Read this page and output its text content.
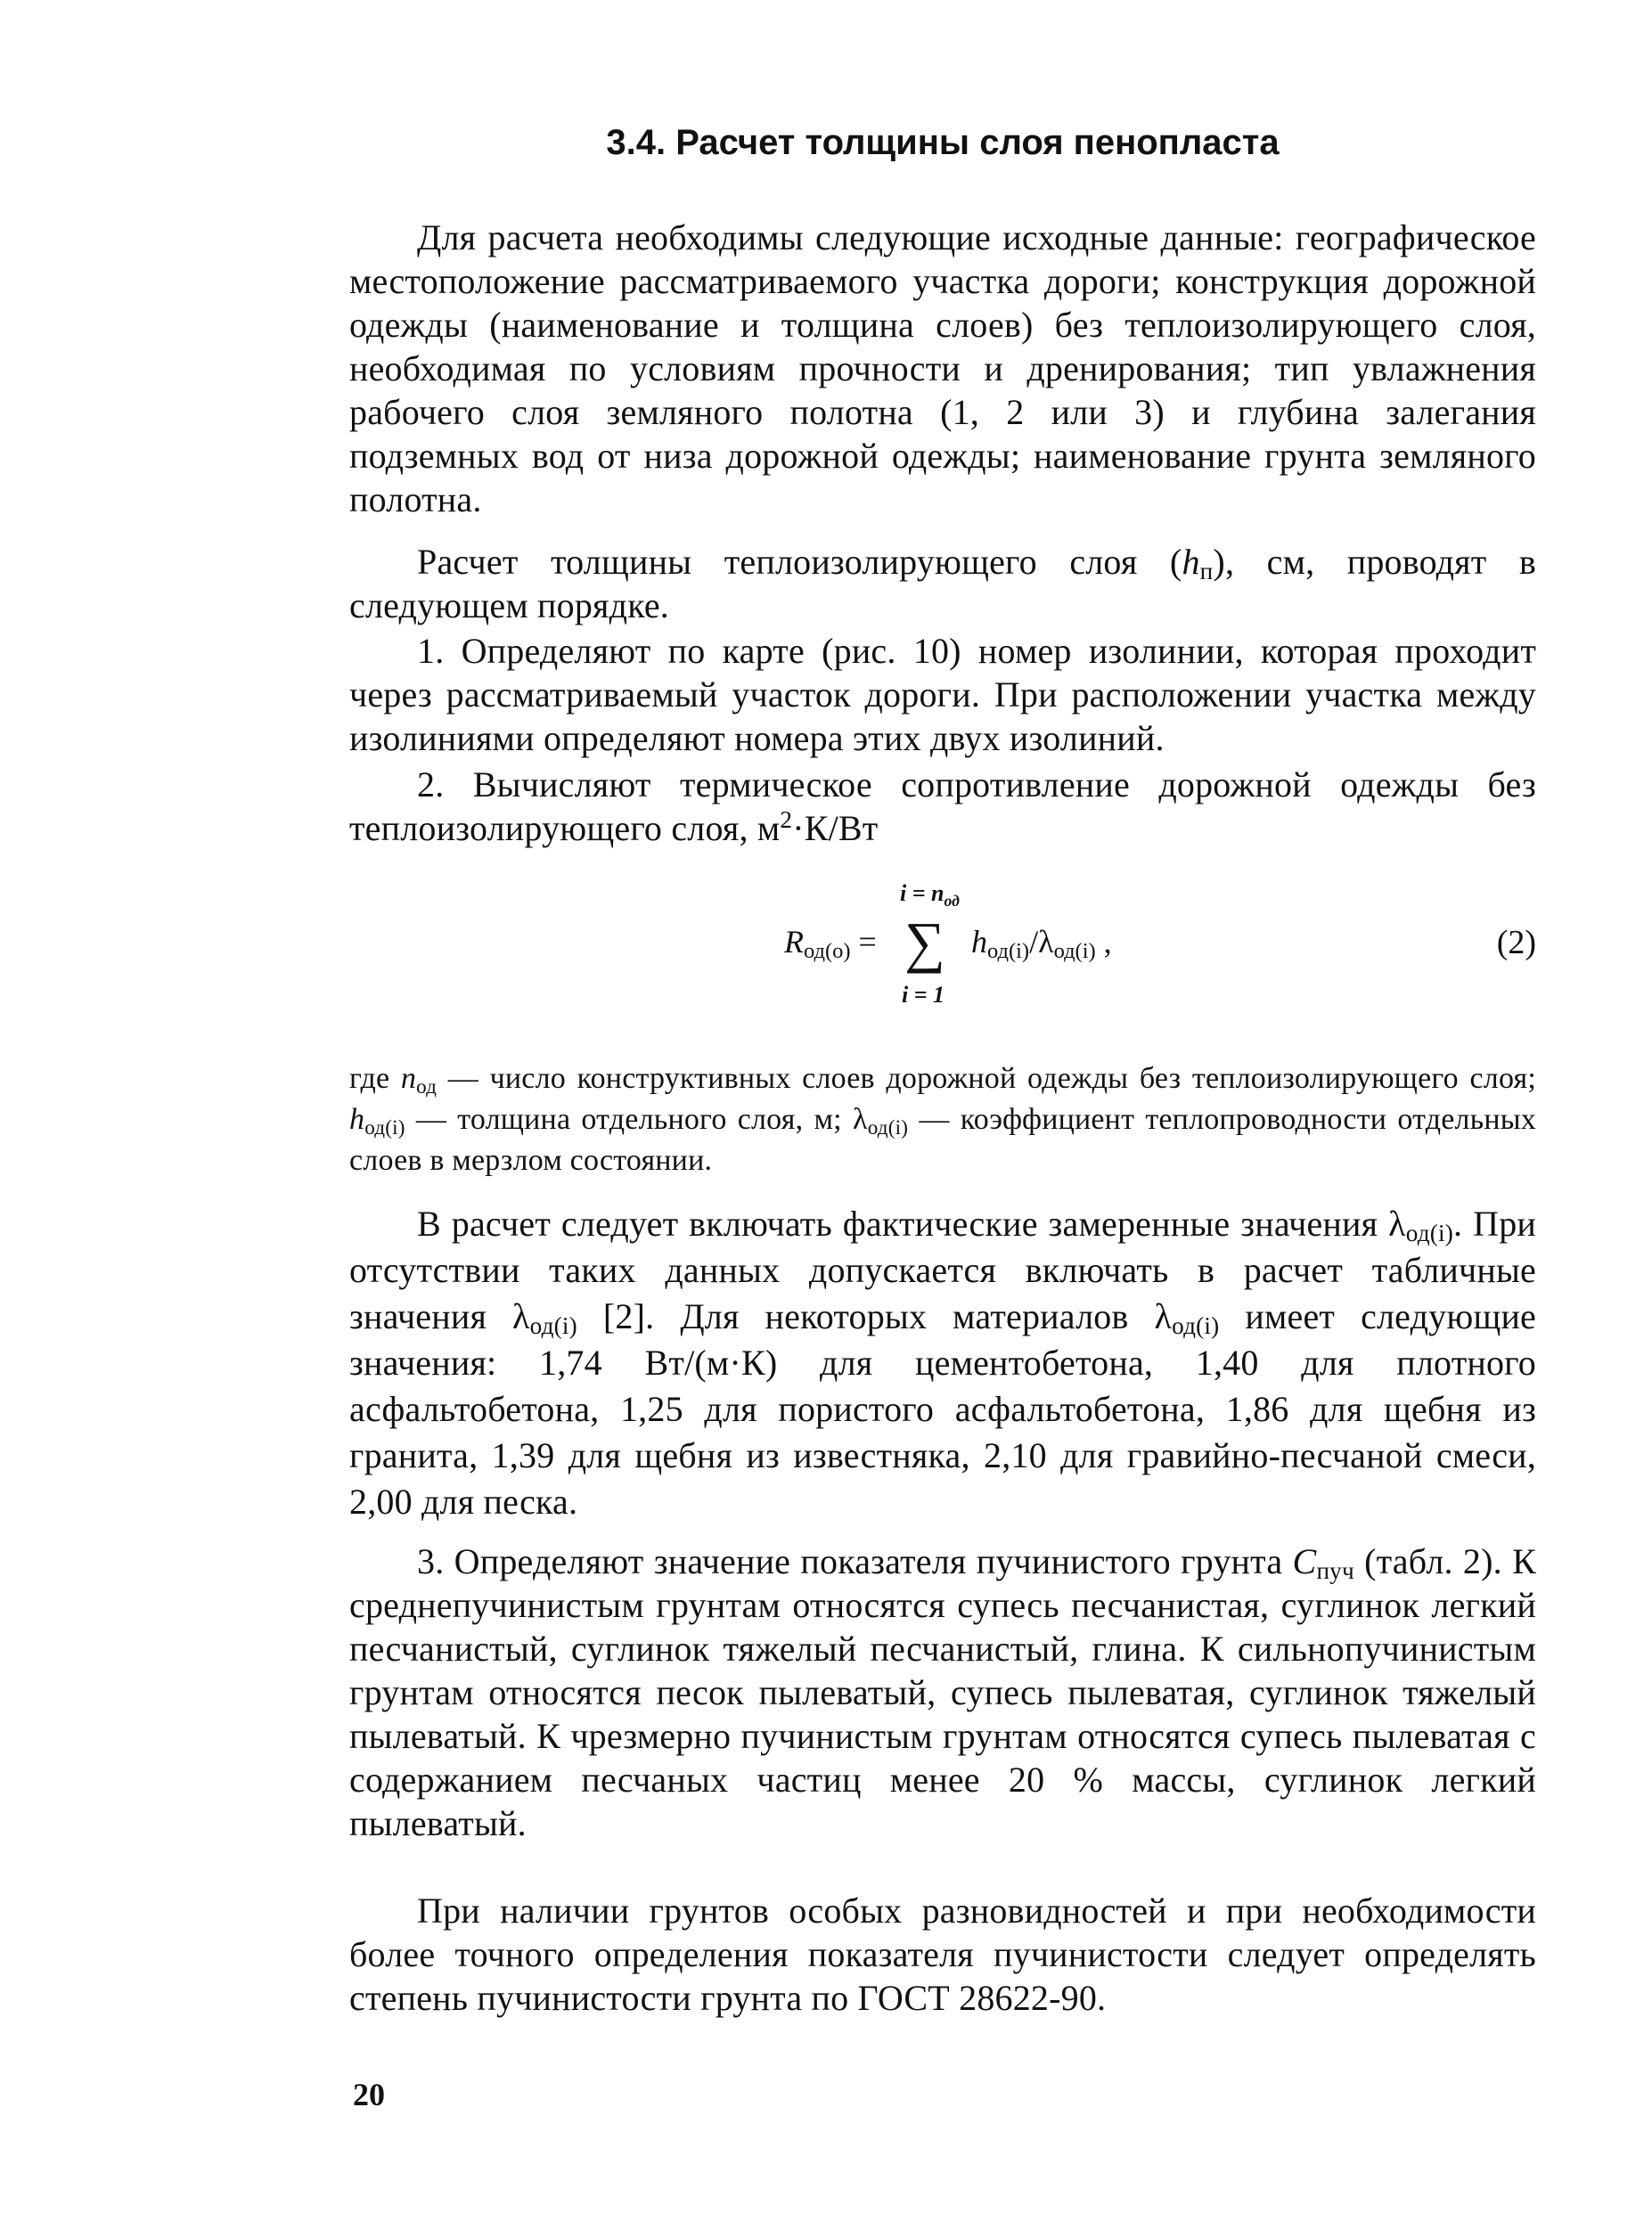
3.4. Расчет толщины слоя пенопласта

Для расчета необходимы следующие исходные данные: географическое местоположение рассматриваемого участка дороги; конструкция дорожной одежды (наименование и толщина слоев) без теплоизолирующего слоя, необходимая по условиям прочности и дренирования; тип увлажнения рабочего слоя земляного полотна (1, 2 или 3) и глубина залегания подземных вод от низа дорожной одежды; наименование грунта земляного полотна.

Расчет толщины теплоизолирующего слоя $(h_п)$, см, проводят в следующем порядке.

1. Определяют по карте (рис. 10) номер изолинии, которая проходит через рассматриваемый участок дороги. При расположении участка между изолиниями определяют номера этих двух изолиний.

2. Вычисляют термическое сопротивление дорожной одежды без теплоизолирующего слоя, $м^2\cdot К/Вт$

$i = n_{од}$
$R_{од(о)}$ = ∑ $h_{од(i)}/\lambda_{од(i)}$ ,
i = 1
(2)

где $n_{од}$ — число конструктивных слоев дорожной одежды без теплоизолирующего слоя; $h_{од(i)}$ — толщина отдельного слоя, м; $\lambda_{од(i)}$ — коэффициент теплопроводности отдельных слоев в мерзлом состоянии.

В расчет следует включать фактические замеренные значения $\lambda_{од(i)}$. При отсутствии таких данных допускается включать в расчет табличные значения $\lambda_{од(i)}$ [2]. Для некоторых материалов $\lambda_{од(i)}$ имеет следующие значения: 1,74 Вт/(м·К) для цементобетона, 1,40 для плотного асфальтобетона, 1,25 для пористого асфальтобетона, 1,86 для щебня из гранита, 1,39 для щебня из известняка, 2,10 для гравийно-песчаной смеси, 2,00 для песка.

3. Определяют значение показателя пучинистого грунта $C_{пуч}$ (табл. 2). К среднепучинистым грунтам относятся супесь песчанистая, суглинок легкий песчанистый, суглинок тяжелый песчанистый, глина. К сильнопучинистым грунтам относятся песок пылеватый, супесь пылеватая, суглинок тяжелый пылеватый. К чрезмерно пучинистым грунтам относятся супесь пылеватая с содержанием песчаных частиц менее 20 % массы, суглинок легкий пылеватый.

При наличии грунтов особых разновидностей и при необходимости более точного определения показателя пучинистости следует определять степень пучинистости грунта по ГОСТ 28622-90.

20
